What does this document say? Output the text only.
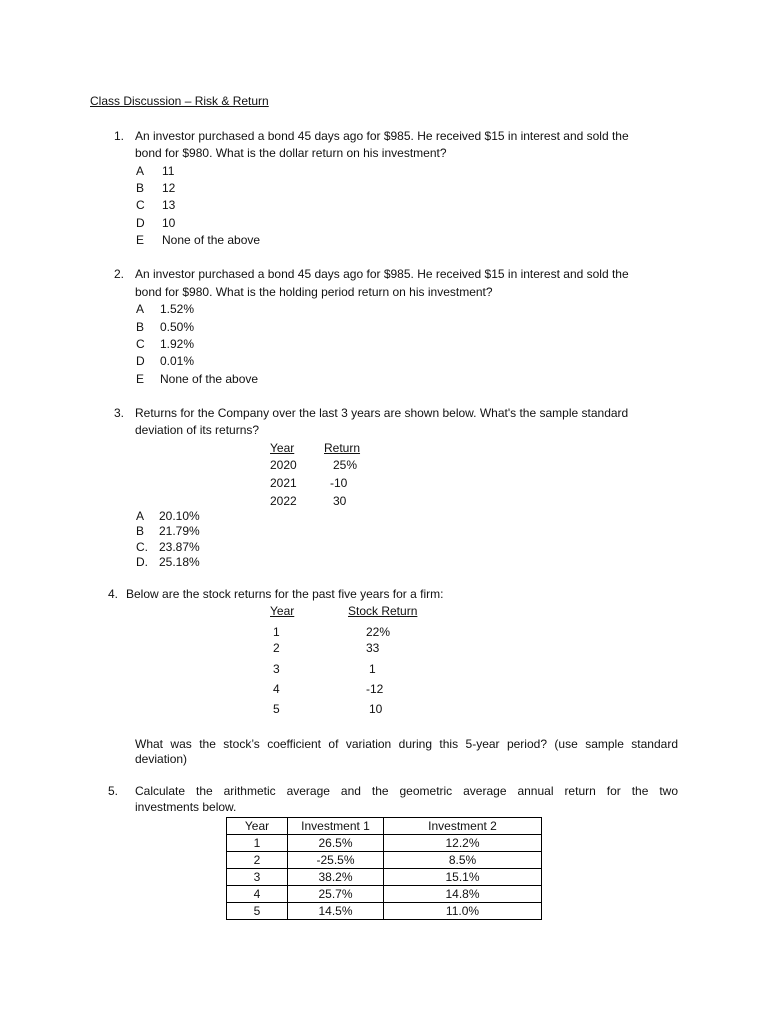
Class Discussion – Risk & Return
1. An investor purchased a bond 45 days ago for $985. He received $15 in interest and sold the
bond for $980. What is the dollar return on his investment?
A 11
B 12
C 13
D 10
E None of the above
2. An investor purchased a bond 45 days ago for $985. He received $15 in interest and sold the
bond for $980. What is the holding period return on his investment?
A 1.52%
B 0.50%
C 1.92%
D 0.01%
E None of the above
3. Returns for the Company over the last 3 years are shown below. What's the sample standard
deviation of its returns?
Year Return
2020	25%
2021	-10
2022	30
A 20.10%
B 21.79%
C. 23.87%
D. 25.18%
4. Below are the stock returns for the past five years for a firm:
Year	Stock Return
1	22%
2	33
3	1
4	-12
5	10
What was the stock’s coefficient of variation during this 5-year period? (use sample standard
deviation)
5. Calculate the arithmetic average and the geometric average annual return for the two
investments below.
Year	Investment 1	Investment 2
1	26.5%	12.2%
2	-25.5%	8.5%
3	38.2%	15.1%
4	25.7%	14.8%
5	14.5%	11.0%
